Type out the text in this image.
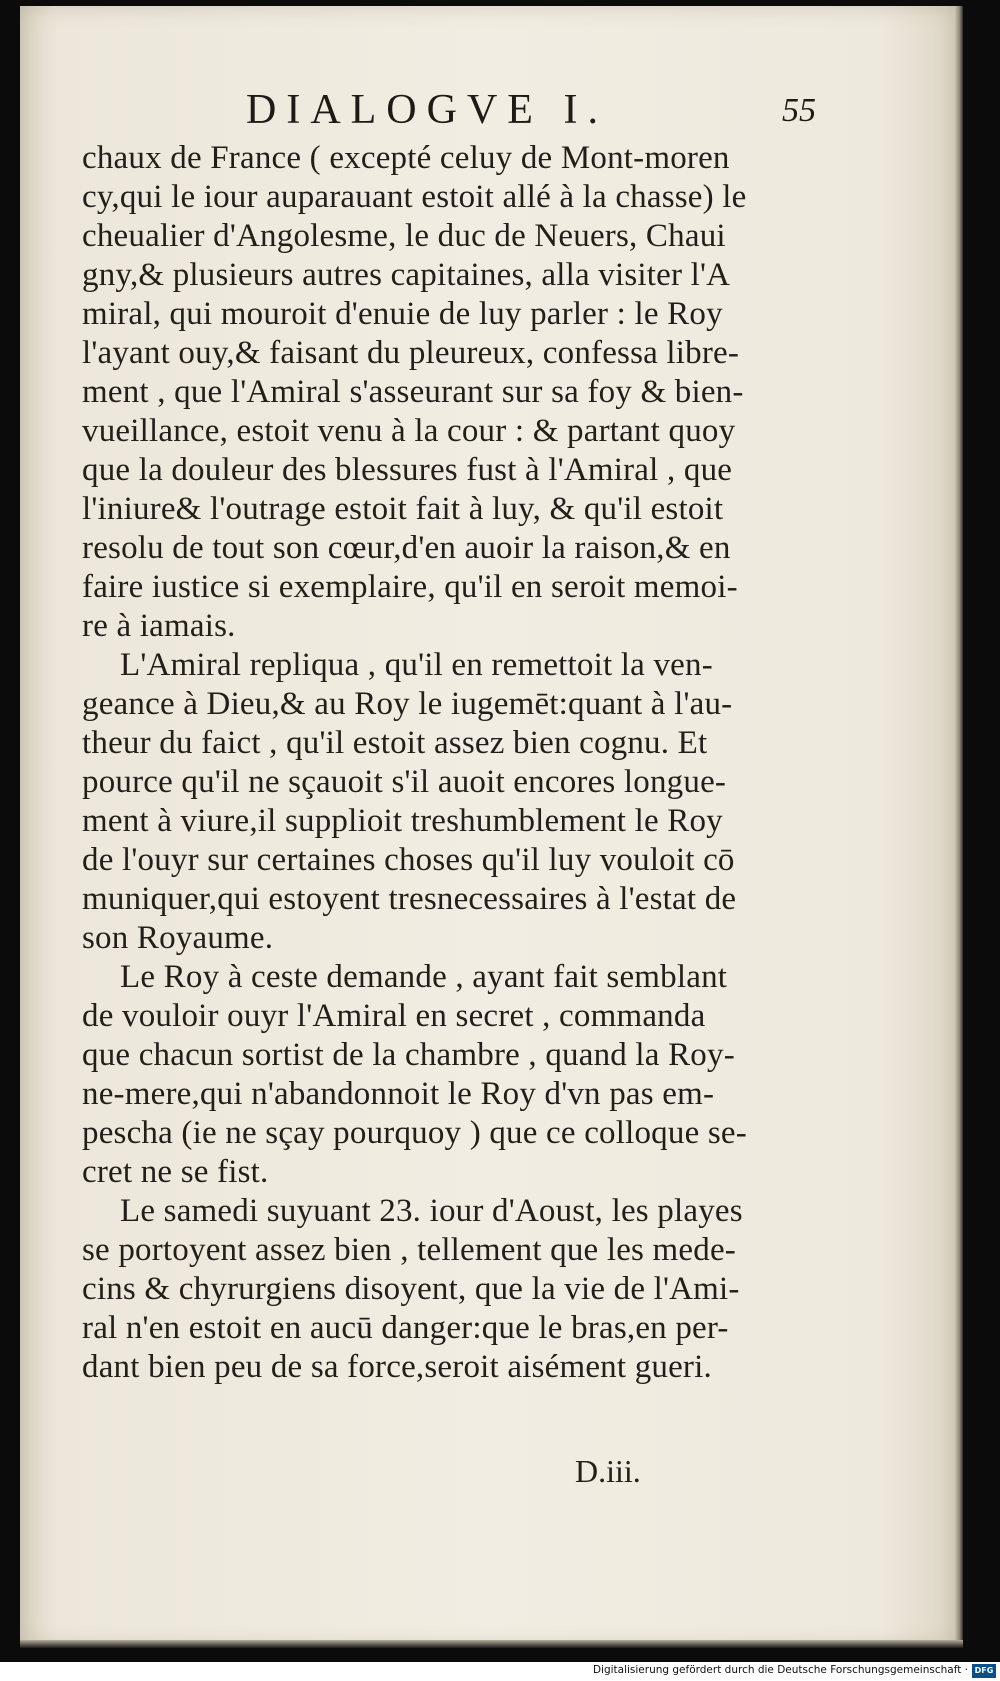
DIALOGVE I.	55
chaux de France ( excepté celuy de Mont-moren
cy,qui le iour auparauant estoit allé à la chasse) le
cheualier d'Angolesme, le duc de Neuers, Chaui
gny,& plusieurs autres capitaines, alla visiter l'A
miral, qui mouroit d'enuie de luy parler : le Roy
l'ayant ouy,& faisant du pleureux, confessa libre-
ment , que l'Amiral s'asseurant sur sa foy & bien-
vueillance, estoit venu à la cour : & partant quoy
que la douleur des blessures fust à l'Amiral , que
l'iniure& l'outrage estoit fait à luy, & qu'il estoit
resolu de tout son cœur,d'en auoir la raison,& en
faire iustice si exemplaire, qu'il en seroit memoi-
re à iamais.
L'Amiral repliqua , qu'il en remettoit la ven-
geance à Dieu,& au Roy le iugemēt:quant à l'au-
theur du faict , qu'il estoit assez bien cognu. Et
pource qu'il ne sçauoit s'il auoit encores longue-
ment à viure,il supplioit treshumblement le Roy
de l'ouyr sur certaines choses qu'il luy vouloit cō
muniquer,qui estoyent tresnecessaires à l'estat de
son Royaume.
Le Roy à ceste demande , ayant fait semblant
de vouloir ouyr l'Amiral en secret , commanda
que chacun sortist de la chambre , quand la Roy-
ne-mere,qui n'abandonnoit le Roy d'vn pas em-
pescha (ie ne sçay pourquoy ) que ce colloque se-
cret ne se fist.
Le samedi suyuant 23. iour d'Aoust, les playes
se portoyent assez bien , tellement que les mede-
cins & chyrurgiens disoyent, que la vie de l'Ami-
ral n'en estoit en aucū danger:que le bras,en per-
dant bien peu de sa force,seroit aisément gueri.
D.iii.
Digitalisierung gefördert durch die Deutsche Forschungsgemeinschaft · DFG
